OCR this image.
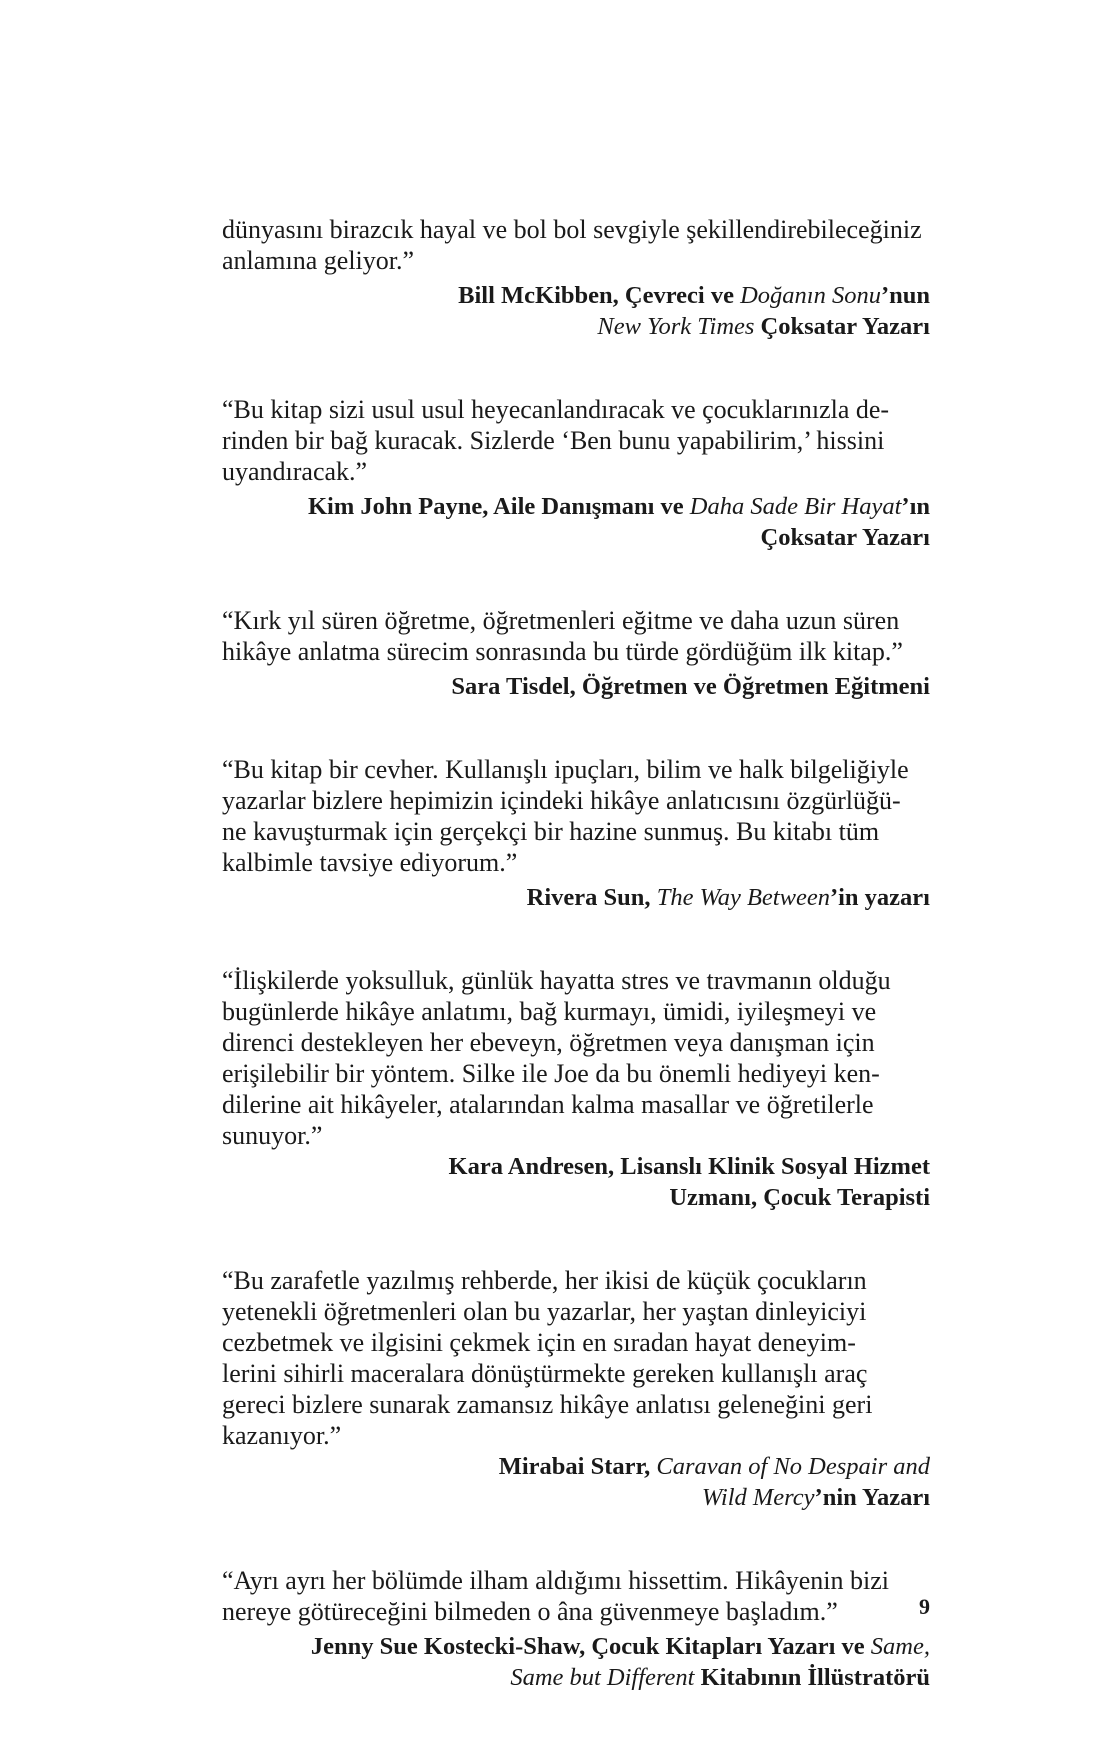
dünyasını birazcık hayal ve bol bol sevgiyle şekillendirebileceğiniz

anlamına geliyor.”

Bill McKibben, Çevreci ve Doğanın Sonu’nun

New York Times Çoksatar Yazarı

“Bu kitap sizi usul usul heyecanlandıracak ve çocuklarınızla de-

rinden bir bağ kuracak. Sizlerde ‘Ben bunu yapabilirim,’ hissini

uyandıracak.”

Kim John Payne, Aile Danışmanı ve Daha Sade Bir Hayat’ın

Çoksatar Yazarı

“Kırk yıl süren öğretme, öğretmenleri eğitme ve daha uzun süren

hikâye anlatma sürecim sonrasında bu türde gördüğüm ilk kitap.”

Sara Tisdel, Öğretmen ve Öğretmen Eğitmeni

“Bu kitap bir cevher. Kullanışlı ipuçları, bilim ve halk bilgeliğiyle

yazarlar bizlere hepimizin içindeki hikâye anlatıcısını özgürlüğü-

ne kavuşturmak için gerçekçi bir hazine sunmuş. Bu kitabı tüm

kalbimle tavsiye ediyorum.”

Rivera Sun, The Way Between’in yazarı

“İlişkilerde yoksulluk, günlük hayatta stres ve travmanın olduğu

bugünlerde hikâye anlatımı, bağ kurmayı, ümidi, iyileşmeyi ve

direnci destekleyen her ebeveyn, öğretmen veya danışman için

erişilebilir bir yöntem. Silke ile Joe da bu önemli hediyeyi ken-

dilerine ait hikâyeler, atalarından kalma masallar ve öğretilerle

sunuyor.”

Kara Andresen, Lisanslı Klinik Sosyal Hizmet

Uzmanı, Çocuk Terapisti

“Bu zarafetle yazılmış rehberde, her ikisi de küçük çocukların

yetenekli öğretmenleri olan bu yazarlar, her yaştan dinleyiciyi

cezbetmek ve ilgisini çekmek için en sıradan hayat deneyim-

lerini sihirli maceralara dönüştürmekte gereken kullanışlı araç

gereci bizlere sunarak zamansız hikâye anlatısı geleneğini geri

kazanıyor.”

Mirabai Starr, Caravan of No Despair and

Wild Mercy’nin Yazarı

“Ayrı ayrı her bölümde ilham aldığımı hissettim. Hikâyenin bizi

nereye götüreceğini bilmeden o âna güvenmeye başladım.”

Jenny Sue Kostecki-Shaw, Çocuk Kitapları Yazarı ve Same,

Same but Different Kitabının İllüstratörü

9
